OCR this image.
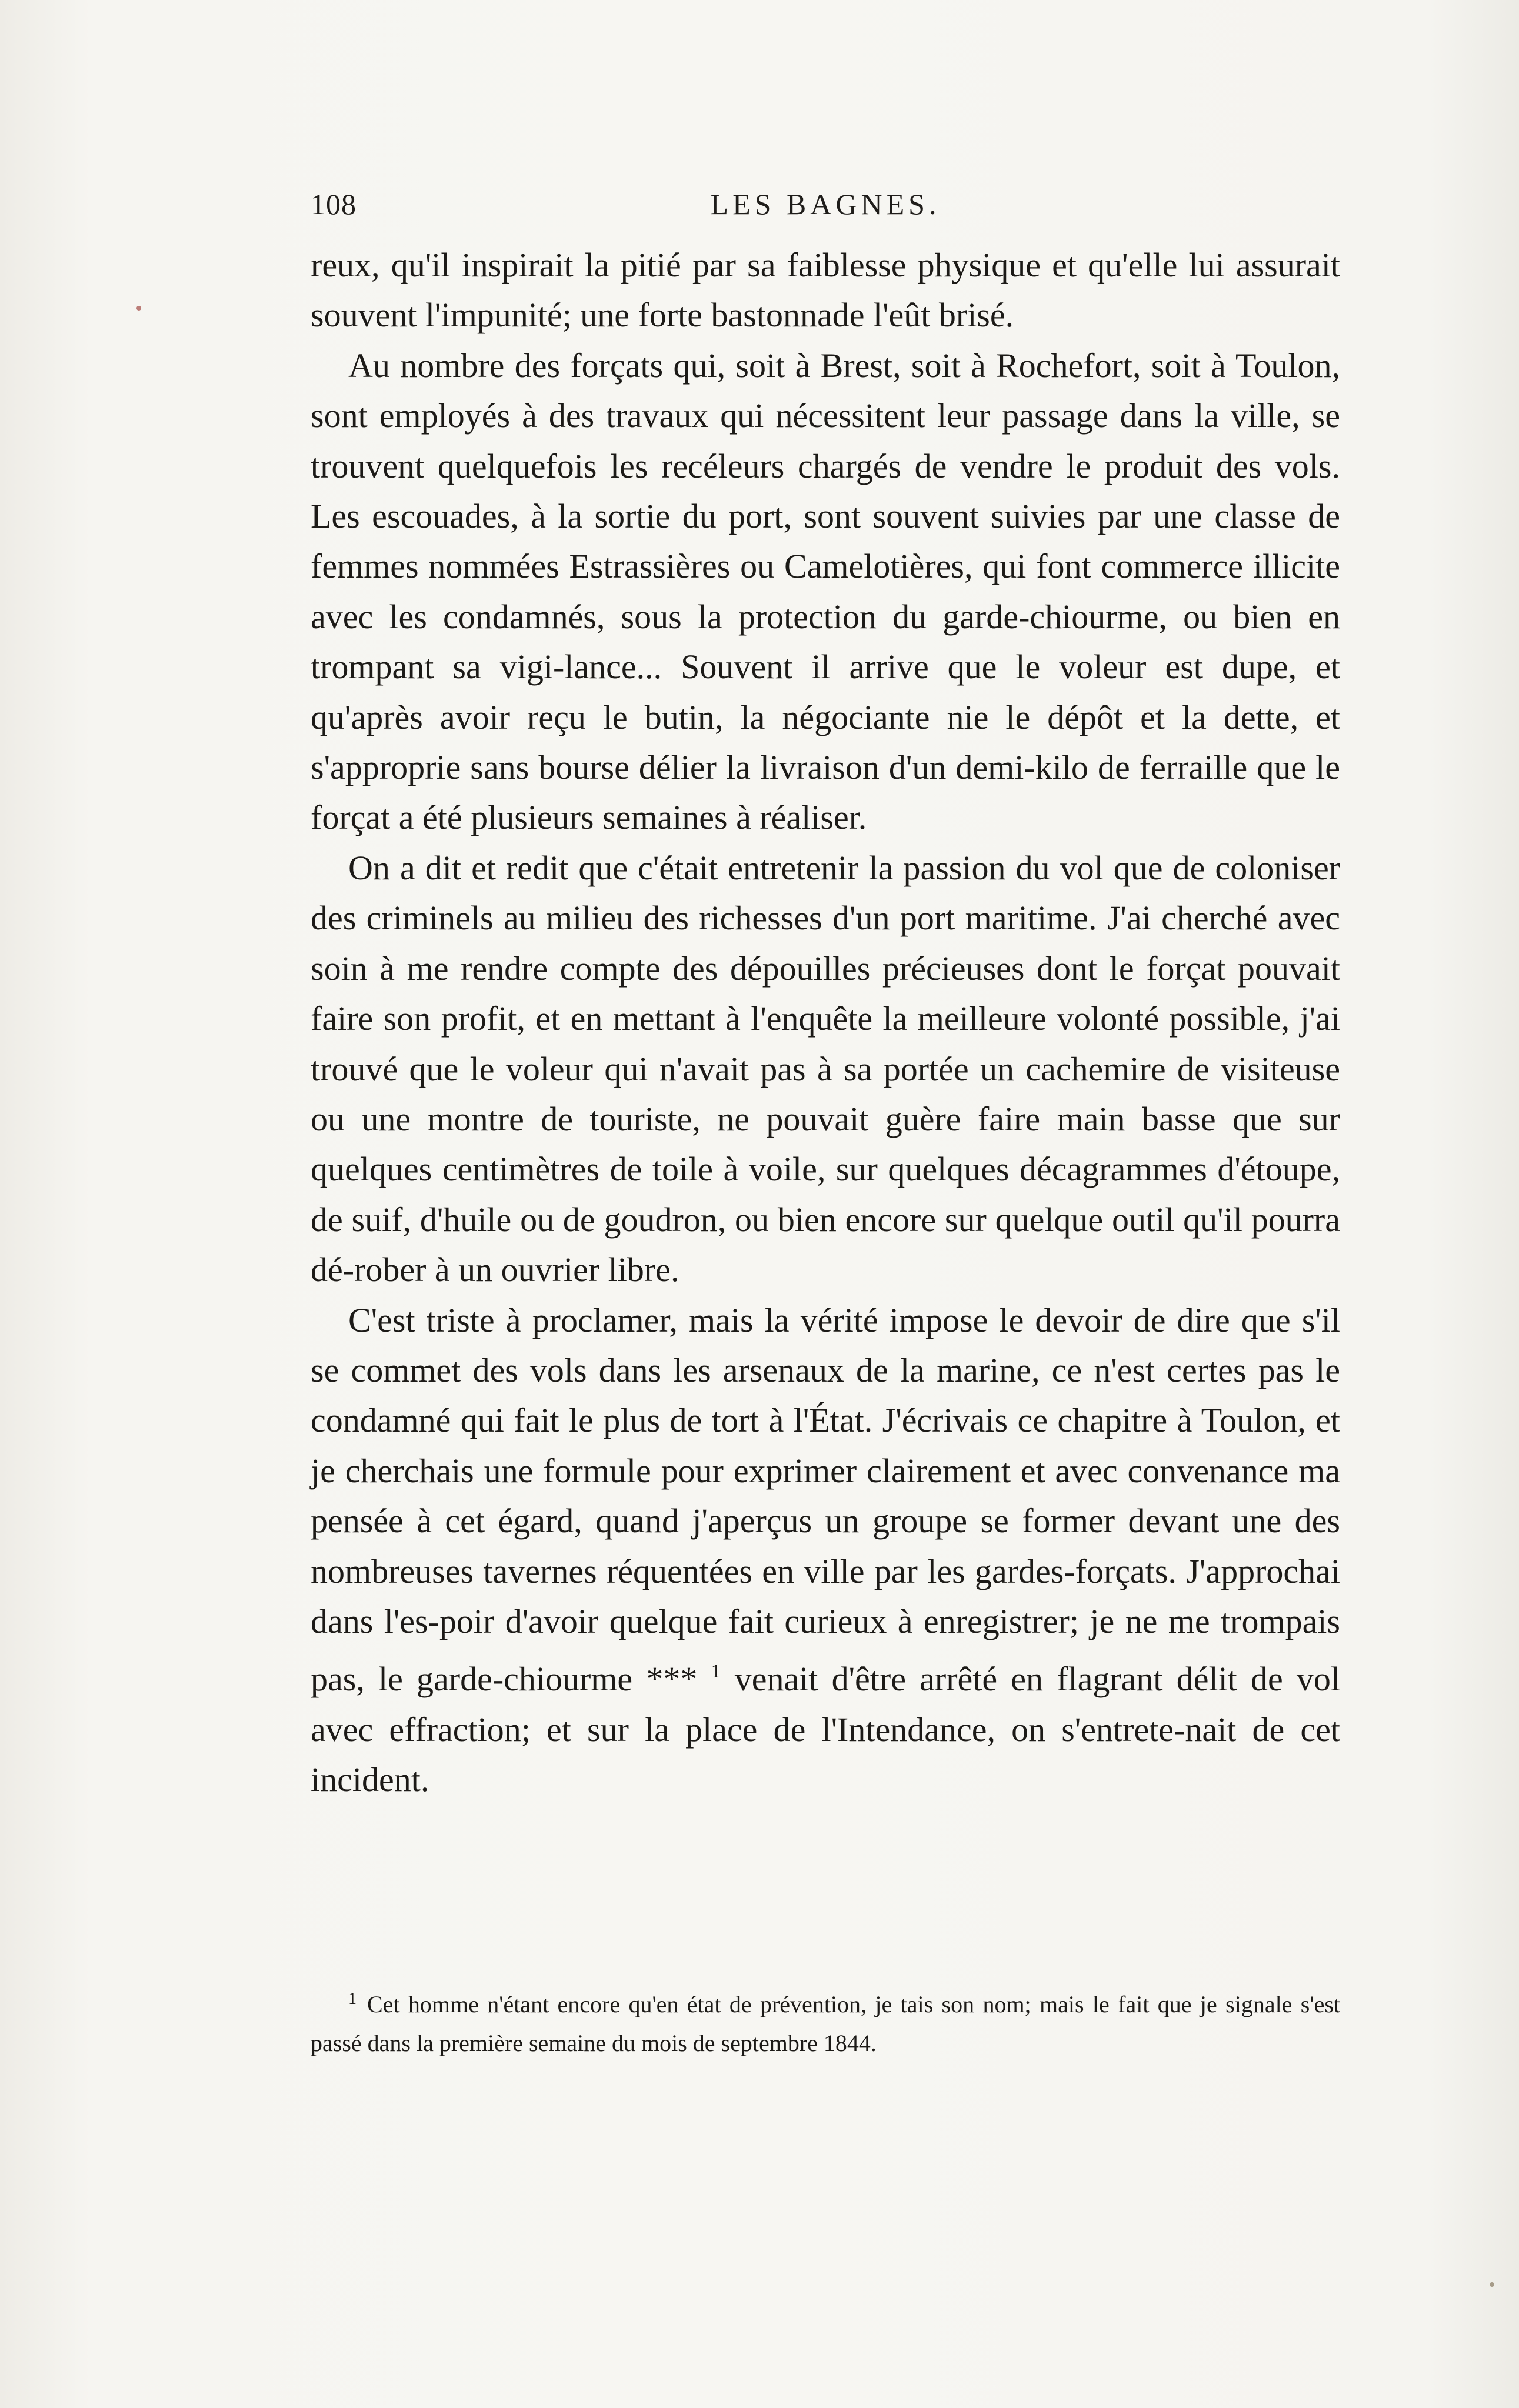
108	LES BAGNES.

reux, qu'il inspirait la pitié par sa faiblesse physique et qu'elle lui assurait souvent l'impunité; une forte bastonnade l'eût brisé.

Au nombre des forçats qui, soit à Brest, soit à Rochefort, soit à Toulon, sont employés à des travaux qui nécessitent leur passage dans la ville, se trouvent quelquefois les recéleurs chargés de vendre le produit des vols. Les escouades, à la sortie du port, sont souvent suivies par une classe de femmes nommées Estrassières ou Camelotières, qui font commerce illicite avec les condamnés, sous la protection du garde-chiourme, ou bien en trompant sa vigi-lance... Souvent il arrive que le voleur est dupe, et qu'après avoir reçu le butin, la négociante nie le dépôt et la dette, et s'approprie sans bourse délier la livraison d'un demi-kilo de ferraille que le forçat a été plusieurs semaines à réaliser.

On a dit et redit que c'était entretenir la passion du vol que de coloniser des criminels au milieu des richesses d'un port maritime. J'ai cherché avec soin à me rendre compte des dépouilles précieuses dont le forçat pouvait faire son profit, et en mettant à l'enquête la meilleure volonté possible, j'ai trouvé que le voleur qui n'avait pas à sa portée un cachemire de visiteuse ou une montre de touriste, ne pouvait guère faire main basse que sur quelques centimètres de toile à voile, sur quelques décagrammes d'étoupe, de suif, d'huile ou de goudron, ou bien encore sur quelque outil qu'il pourra dé-rober à un ouvrier libre.

C'est triste à proclamer, mais la vérité impose le devoir de dire que s'il se commet des vols dans les arsenaux de la marine, ce n'est certes pas le condamné qui fait le plus de tort à l'État. J'écrivais ce chapitre à Toulon, et je cherchais une formule pour exprimer clairement et avec convenance ma pensée à cet égard, quand j'aperçus un groupe se former devant une des nombreuses tavernes réquentées en ville par les gardes-forçats. J'approchai dans l'es-poir d'avoir quelque fait curieux à enregistrer; je ne me trompais pas, le garde-chiourme *** $^1$ venait d'être arrêté en flagrant délit de vol avec effraction; et sur la place de l'Intendance, on s'entrete-nait de cet incident.

$^1$ Cet homme n'étant encore qu'en état de prévention, je tais son nom; mais le fait que je signale s'est passé dans la première semaine du mois de septembre 1844.
